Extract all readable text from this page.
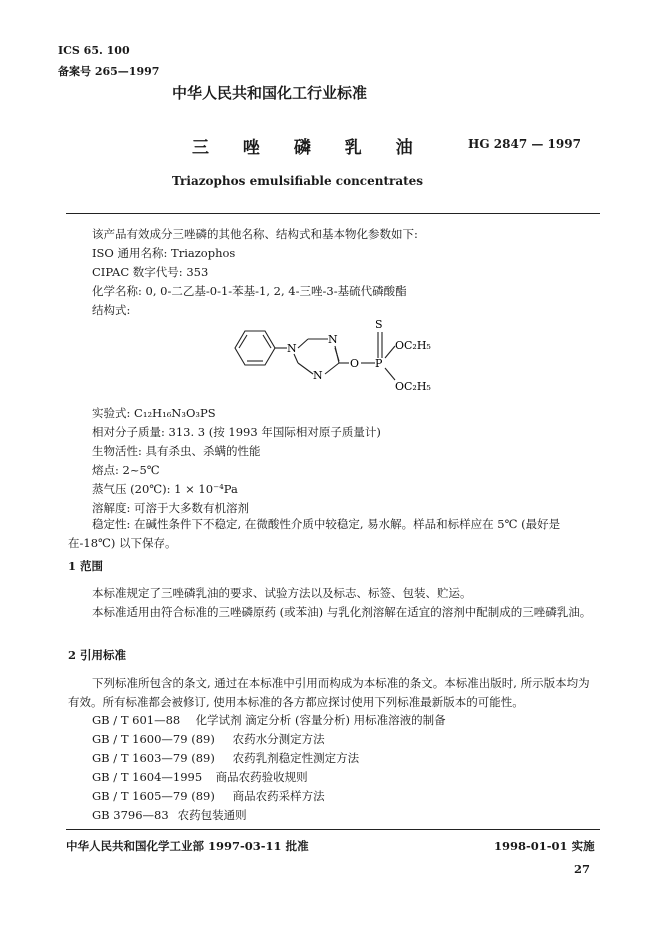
ICS 65. 100
备案号 265—1997
中华人民共和国化工行业标准
三 唑 磷 乳 油	HG 2847 — 1997
Triazophos emulsifiable concentrates
该产品有效成分三唑磷的其他名称、结构式和基本物化参数如下:
ISO 通用名称: Triazophos
CIPAC 数字代号: 353
化学名称: 0, 0-二乙基-0-1-苯基-1, 2, 4-三唑-3-基硫代磷酸酯
结构式:
N
N
N
O P
S
OC₂H₅
OC₂H₅
实验式: C₁₂H₁₆N₃O₃PS
相对分子质量: 313. 3 (按 1993 年国际相对原子质量计)
生物活性: 具有杀虫、杀螨的性能
熔点: 2~5℃
蒸气压 (20℃): 1 × 10⁻⁴Pa
溶解度: 可溶于大多数有机溶剂
稳定性: 在碱性条件下不稳定, 在微酸性介质中较稳定, 易水解。样品和标样应在 5℃ (最好是在-18℃) 以下保存。
1 范围
本标准规定了三唑磷乳油的要求、试验方法以及标志、标签、包装、贮运。
本标准适用由符合标准的三唑磷原药 (或苯油) 与乳化剂溶解在适宜的溶剂中配制成的三唑磷乳油。
2 引用标准
下列标准所包含的条文, 通过在本标准中引用而构成为本标准的条文。本标准出版时, 所示版本均为有效。所有标准都会被修订, 使用本标准的各方都应探讨使用下列标准最新版本的可能性。
GB / T 601—88 化学试剂 滴定分析 (容量分析) 用标准溶液的制备
GB / T 1600—79 (89) 农药水分测定方法
GB / T 1603—79 (89) 农药乳剂稳定性测定方法
GB / T 1604—1995 商品农药验收规则
GB / T 1605—79 (89) 商品农药采样方法
GB 3796—83 农药包装通则
中华人民共和国化学工业部 1997-03-11 批准	1998-01-01 实施
27
